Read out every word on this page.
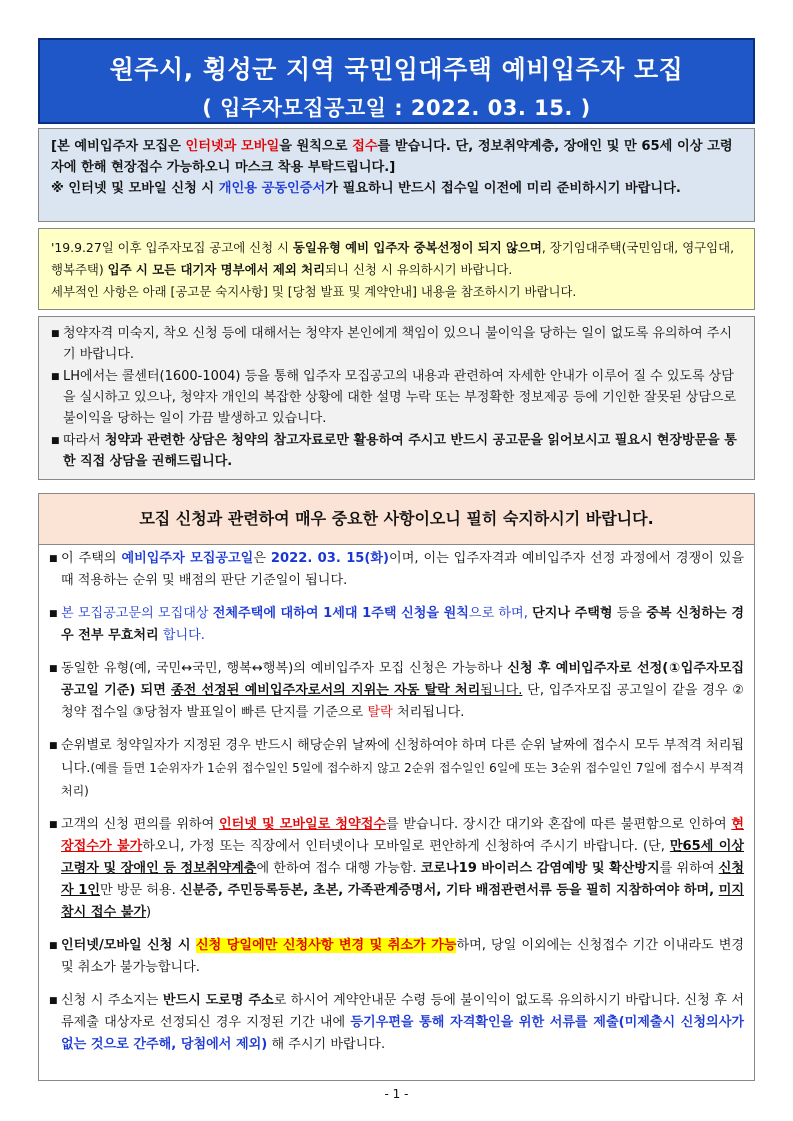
원주시, 횡성군 지역 국민임대주택 예비입주자 모집
( 입주자모집공고일 : 2022. 03. 15. )
[본 예비입주자 모집은 인터넷과 모바일을 원칙으로 접수를 받습니다. 단, 정보취약계층, 장애인 및 만 65세 이상 고령자에 한해 현장접수 가능하오니 마스크 착용 부탁드립니다.]
※ 인터넷 및 모바일 신청 시 개인용 공동인증서가 필요하니 반드시 접수일 이전에 미리 준비하시기 바랍니다.
'19.9.27일 이후 입주자모집 공고에 신청 시 동일유형 예비 입주자 중복선정이 되지 않으며, 장기임대주택(국민임대, 영구임대, 행복주택) 입주 시 모든 대기자 명부에서 제외 처리되니 신청 시 유의하시기 바랍니다.
세부적인 사항은 아래 [공고문 숙지사항] 및 [당첨 발표 및 계약안내] 내용을 참조하시기 바랍니다.
■ 청약자격 미숙지, 착오 신청 등에 대해서는 청약자 본인에게 책임이 있으니 불이익을 당하는 일이 없도록 유의하여 주시기 바랍니다.
■ LH에서는 콜센터(1600-1004) 등을 통해 입주자 모집공고의 내용과 관련하여 자세한 안내가 이루어 질 수 있도록 상담을 실시하고 있으나, 청약자 개인의 복잡한 상황에 대한 설명 누락 또는 부정확한 정보제공 등에 기인한 잘못된 상담으로 불이익을 당하는 일이 가끔 발생하고 있습니다.
■ 따라서 청약과 관련한 상담은 청약의 참고자료로만 활용하여 주시고 반드시 공고문을 읽어보시고 필요시 현장방문을 통한 직접 상담을 권해드립니다.
모집 신청과 관련하여 매우 중요한 사항이오니 필히 숙지하시기 바랍니다.
■ 이 주택의 예비입주자 모집공고일은 2022. 03. 15(화)이며, 이는 입주자격과 예비입주자 선정 과정에서 경쟁이 있을 때 적용하는 순위 및 배점의 판단 기준일이 됩니다.
■ 본 모집공고문의 모집대상 전체주택에 대하여 1세대 1주택 신청을 원칙으로 하며, 단지나 주택형 등을 중복 신청하는 경우 전부 무효처리 합니다.
■ 동일한 유형(예, 국민↔국민, 행복↔행복)의 예비입주자 모집 신청은 가능하나 신청 후 예비입주자로 선정(①입주자모집 공고일 기준) 되면 종전 선정된 예비입주자로서의 지위는 자동 탈락 처리됩니다. 단, 입주자모집 공고일이 같을 경우 ②청약 접수일 ③당첨자 발표일이 빠른 단지를 기준으로 탈락 처리됩니다.
■ 순위별로 청약일자가 지정된 경우 반드시 해당순위 날짜에 신청하여야 하며 다른 순위 날짜에 접수시 모두 부적격 처리됩니다.(예를 들면 1순위자가 1순위 접수일인 5일에 접수하지 않고 2순위 접수일인 6일에 또는 3순위 접수일인 7일에 접수시 부적격 처리)
■ 고객의 신청 편의를 위하여 인터넷 및 모바일로 청약접수를 받습니다. 장시간 대기와 혼잡에 따른 불편함으로 인하여 현장접수가 불가하오니, 가정 또는 직장에서 인터넷이나 모바일로 편안하게 신청하여 주시기 바랍니다. (단, 만65세 이상 고령자 및 장애인 등 정보취약계층에 한하여 접수 대행 가능함. 코로나19 바이러스 감염예방 및 확산방지를 위하여 신청자 1인만 방문 허용. 신분증, 주민등록등본, 초본, 가족관계증명서, 기타 배점관련서류 등을 필히 지참하여야 하며, 미지참시 접수 불가)
■ 인터넷/모바일 신청 시 신청 당일에만 신청사항 변경 및 취소가 가능하며, 당일 이외에는 신청접수 기간 이내라도 변경 및 취소가 불가능합니다.
■ 신청 시 주소지는 반드시 도로명 주소로 하시어 계약안내문 수령 등에 불이익이 없도록 유의하시기 바랍니다. 신청 후 서류제출 대상자로 선정되신 경우 지정된 기간 내에 등기우편을 통해 자격확인을 위한 서류를 제출(미제출시 신청의사가 없는 것으로 간주해, 당첨에서 제외) 해 주시기 바랍니다.
- 1 -
